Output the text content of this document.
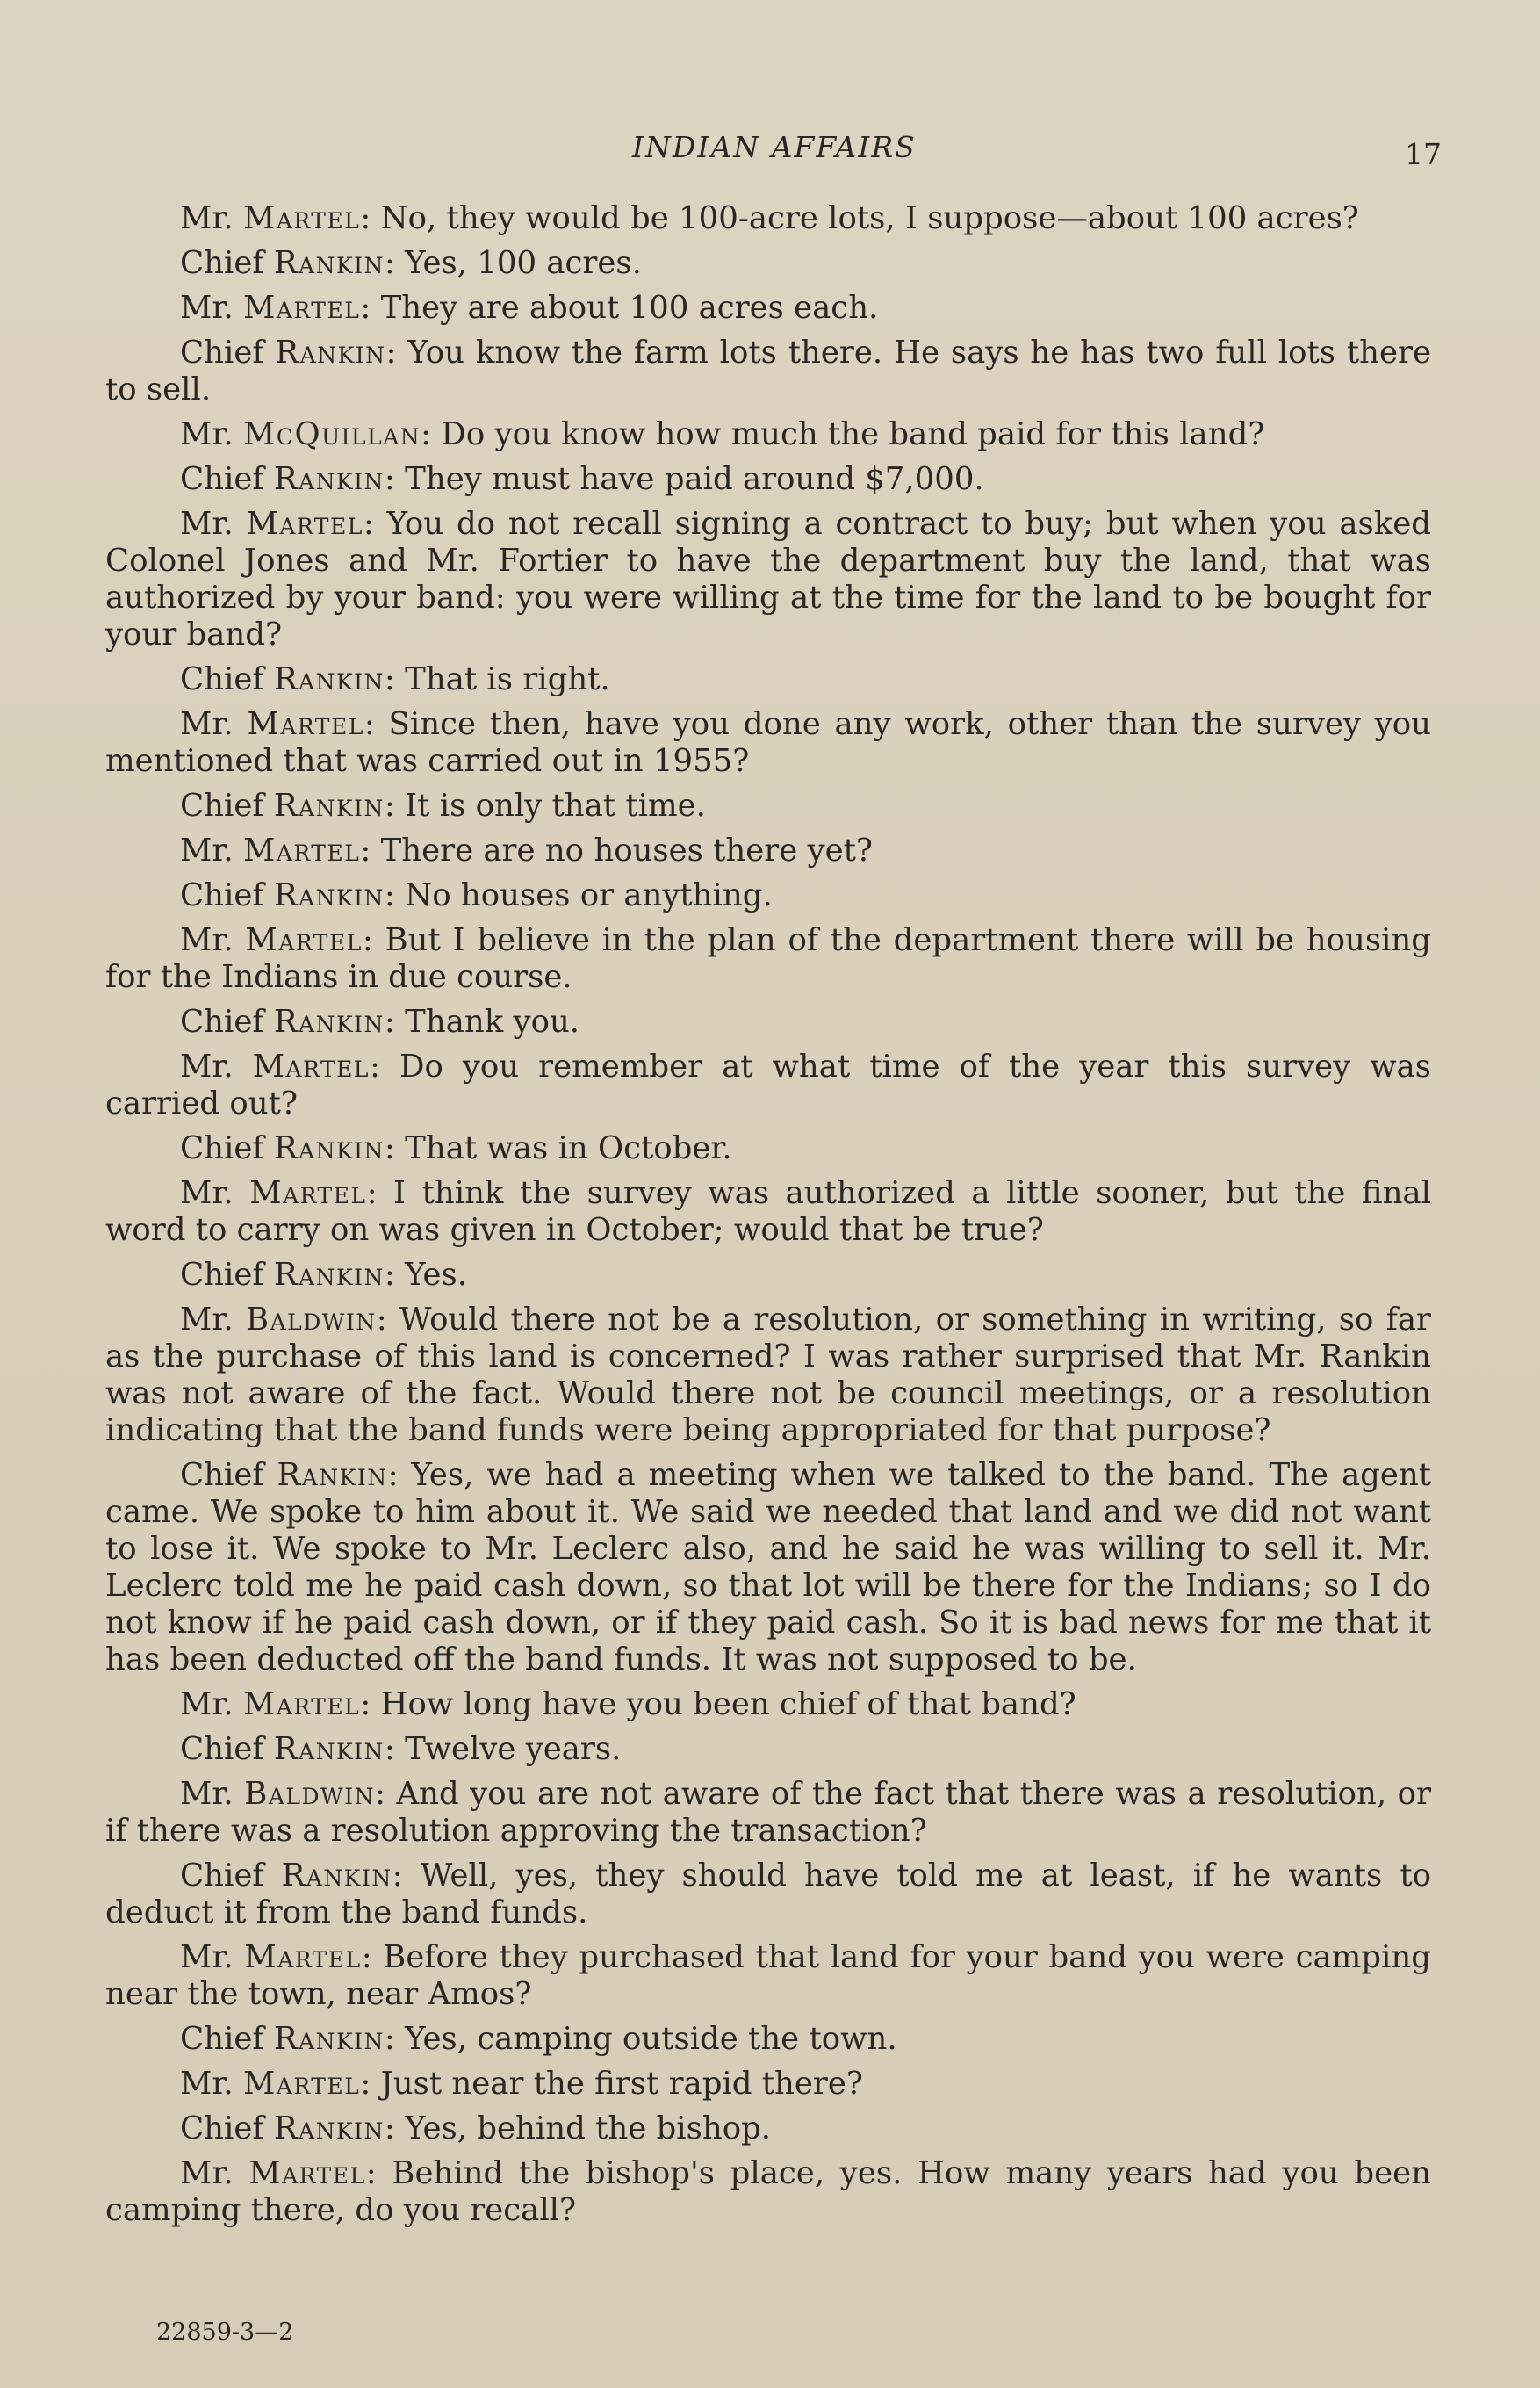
INDIAN AFFAIRS	17

Mr. Martel: No, they would be 100-acre lots, I suppose—about 100 acres?

Chief Rankin: Yes, 100 acres.

Mr. Martel: They are about 100 acres each.

Chief Rankin: You know the farm lots there. He says he has two full lots there to sell.

Mr. McQuillan: Do you know how much the band paid for this land?

Chief Rankin: They must have paid around $7,000.

Mr. Martel: You do not recall signing a contract to buy; but when you asked Colonel Jones and Mr. Fortier to have the department buy the land, that was authorized by your band: you were willing at the time for the land to be bought for your band?

Chief Rankin: That is right.

Mr. Martel: Since then, have you done any work, other than the survey you mentioned that was carried out in 1955?

Chief Rankin: It is only that time.

Mr. Martel: There are no houses there yet?

Chief Rankin: No houses or anything.

Mr. Martel: But I believe in the plan of the department there will be housing for the Indians in due course.

Chief Rankin: Thank you.

Mr. Martel: Do you remember at what time of the year this survey was carried out?

Chief Rankin: That was in October.

Mr. Martel: I think the survey was authorized a little sooner, but the final word to carry on was given in October; would that be true?

Chief Rankin: Yes.

Mr. Baldwin: Would there not be a resolution, or something in writing, so far as the purchase of this land is concerned? I was rather surprised that Mr. Rankin was not aware of the fact. Would there not be council meetings, or a resolution indicating that the band funds were being appropriated for that purpose?

Chief Rankin: Yes, we had a meeting when we talked to the band. The agent came. We spoke to him about it. We said we needed that land and we did not want to lose it. We spoke to Mr. Leclerc also, and he said he was willing to sell it. Mr. Leclerc told me he paid cash down, so that lot will be there for the Indians; so I do not know if he paid cash down, or if they paid cash. So it is bad news for me that it has been deducted off the band funds. It was not supposed to be.

Mr. Martel: How long have you been chief of that band?

Chief Rankin: Twelve years.

Mr. Baldwin: And you are not aware of the fact that there was a resolution, or if there was a resolution approving the transaction?

Chief Rankin: Well, yes, they should have told me at least, if he wants to deduct it from the band funds.

Mr. Martel: Before they purchased that land for your band you were camping near the town, near Amos?

Chief Rankin: Yes, camping outside the town.

Mr. Martel: Just near the first rapid there?

Chief Rankin: Yes, behind the bishop.

Mr. Martel: Behind the bishop's place, yes. How many years had you been camping there, do you recall?

22859-3—2
